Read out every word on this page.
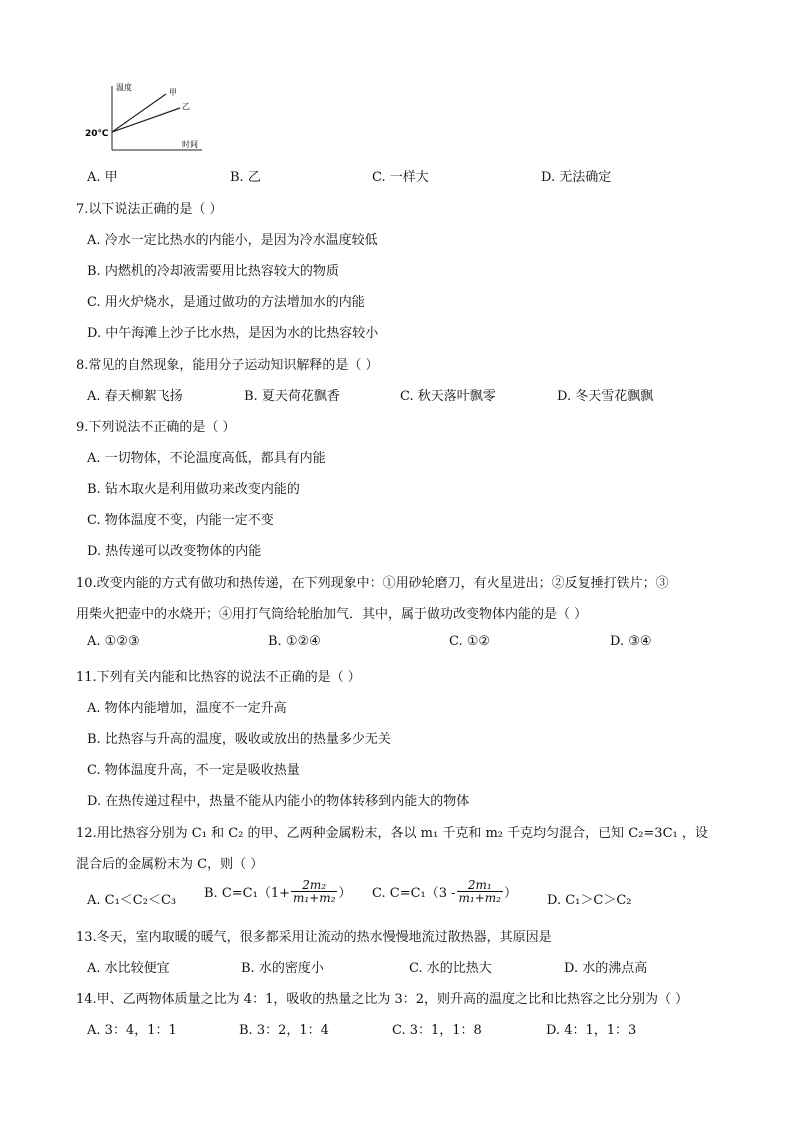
温度
时间
20℃
甲
乙
A. 甲	B. 乙	C. 一样大	D. 无法确定
7.以下说法正确的是（ ）
A. 冷水一定比热水的内能小，是因为冷水温度较低
B. 内燃机的冷却液需要用比热容较大的物质
C. 用火炉烧水，是通过做功的方法增加水的内能
D. 中午海滩上沙子比水热，是因为水的比热容较小
8.常见的自然现象，能用分子运动知识解释的是（ ）
A. 春天柳絮飞扬	B. 夏天荷花飘香	C. 秋天落叶飘零	D. 冬天雪花飘飘
9.下列说法不正确的是（ ）
A. 一切物体，不论温度高低，都具有内能
B. 钻木取火是利用做功来改变内能的
C. 物体温度不变，内能一定不变
D. 热传递可以改变物体的内能
10.改变内能的方式有做功和热传递，在下列现象中：①用砂轮磨刀，有火星进出；②反复捶打铁片；③
用柴火把壶中的水烧开；④用打气筒给轮胎加气．其中，属于做功改变物体内能的是（ ）
A. ①②③	B. ①②④	C. ①②	D. ③④
11.下列有关内能和比热容的说法不正确的是（ ）
A. 物体内能增加，温度不一定升高
B. 比热容与升高的温度，吸收或放出的热量多少无关
C. 物体温度升高，不一定是吸收热量
D. 在热传递过程中，热量不能从内能小的物体转移到内能大的物体
12.用比热容分别为 C₁ 和 C₂ 的甲、乙两种金属粉末，各以 m₁ 千克和 m₂ 千克均匀混合，已知 C₂=3C₁ ，设
混合后的金属粉末为 C，则（ ）
A. C₁＜C₂＜C₃ B. $C=C_1(1+ \frac{\text{2m₂}}{\text{m₁+m₂}}$ ） C. $C=C_1(3 - \frac{\text{2m₁}}{\text{m₁+m₂}}$ ） D. C₁＞C＞C₂
13.冬天，室内取暖的暖气，很多都采用让流动的热水慢慢地流过散热器，其原因是
A. 水比较便宜	B. 水的密度小	C. 水的比热大	D. 水的沸点高
14.甲、乙两物体质量之比为 4：1，吸收的热量之比为 3：2，则升高的温度之比和比热容之比分别为（ ）
A. 3：4，1：1	B. 3：2，1：4	C. 3：1，1：8	D. 4：1，1：3
